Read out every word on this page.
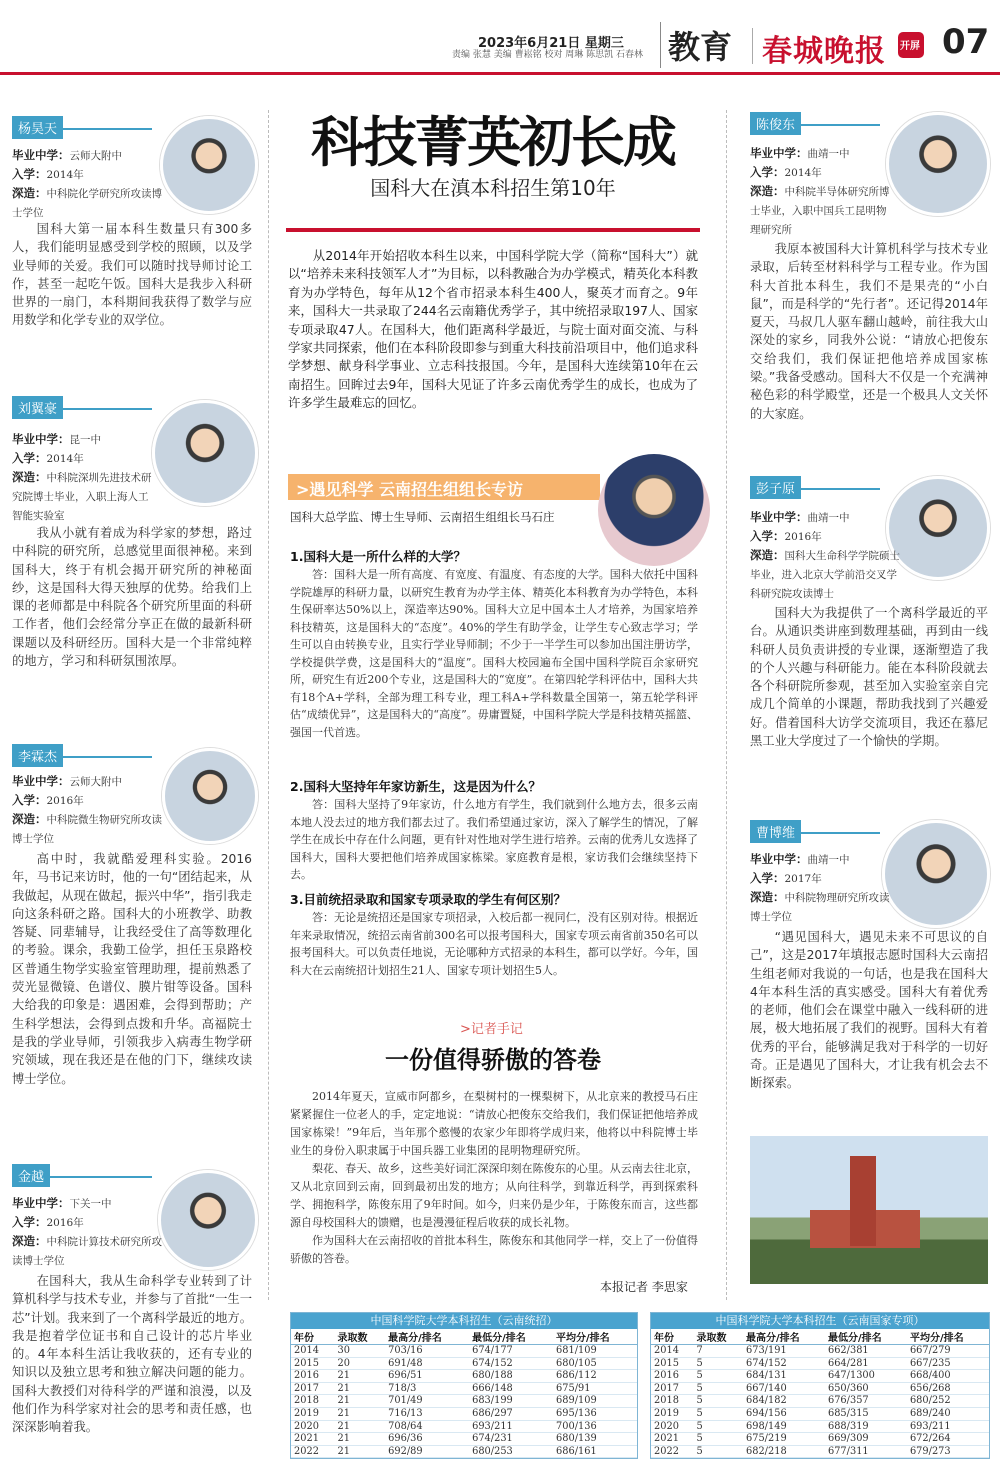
2023年6月21日 星期三
责编 张慧 美编 曹崧铭 校对 周琳 陈思凯 石春林 教育 春城晚报 开屏 07
杨昊天
毕业中学：云师大附中
入学：2014年
深造：中科院化学研究所攻读博士学位
国科大第一届本科生数量只有300多人，我们能明显感受到学校的照顾，以及学业导师的关爱。我们可以随时找导师讨论工作，甚至一起吃午饭。国科大是我步入科研世界的一扇门，本科期间我获得了数学与应用数学和化学专业的双学位。
刘翼豪
毕业中学：昆一中
入学：2014年
深造：中科院深圳先进技术研究院博士毕业，入职上海人工智能实验室
我从小就有着成为科学家的梦想，路过中科院的研究所，总感觉里面很神秘。来到国科大，终于有机会揭开研究所的神秘面纱，这是国科大得天独厚的优势。给我们上课的老师都是中科院各个研究所里面的科研工作者，他们会经常分享正在做的最新科研课题以及科研经历。国科大是一个非常纯粹的地方，学习和科研氛围浓厚。
李霖杰
毕业中学：云师大附中
入学：2016年
深造：中科院微生物研究所攻读博士学位
高中时，我就酷爱理科实验。2016年，马书记来访时，他的一句“团结起来，从我做起，从现在做起，振兴中华”，指引我走向这条科研之路。国科大的小班教学、助教答疑、同辈辅导，让我经受住了高等数理化的考验。课余，我勤工俭学，担任玉泉路校区普通生物学实验室管理助理，提前熟悉了荧光显微镜、色谱仪、膜片钳等设备。国科大给我的印象是：遇困难，会得到帮助；产生科学想法，会得到点拨和升华。高福院士是我的学业导师，引领我步入病毒生物学研究领域，现在我还是在他的门下，继续攻读博士学位。
金越
毕业中学：下关一中
入学：2016年
深造：中科院计算技术研究所攻读博士学位
在国科大，我从生命科学专业转到了计算机科学与技术专业，并参与了首批“一生一芯”计划。我来到了一个离科学最近的地方。我是抱着学位证书和自己设计的芯片毕业的。4年本科生活让我收获的，还有专业的知识以及独立思考和独立解决问题的能力。国科大教授们对待科学的严谨和浪漫，以及他们作为科学家对社会的思考和责任感，也深深影响着我。
科技菁英初长成
国科大在滇本科招生第10年
从2014年开始招收本科生以来，中国科学院大学（简称“国科大”）就以“培养未来科技领军人才”为目标，以科教融合为办学模式，精英化本科教育为办学特色，每年从12个省市招录本科生400人，聚英才而育之。9年来，国科大一共录取了244名云南籍优秀学子，其中统招录取197人、国家专项录取47人。在国科大，他们距离科学最近，与院士面对面交流、与科学家共同探索，他们在本科阶段即参与到重大科技前沿项目中，他们追求科学梦想、献身科学事业、立志科技报国。今年，是国科大连续第10年在云南招生。回眸过去9年，国科大见证了许多云南优秀学生的成长，也成为了许多学生最难忘的回忆。
>遇见科学 云南招生组组长专访
国科大总学监、博士生导师、云南招生组组长马石庄
1.国科大是一所什么样的大学？
答：国科大是一所有高度、有宽度、有温度、有态度的大学。国科大依托中国科学院雄厚的科研力量，以研究生教育为办学主体、精英化本科教育为办学特色，本科生保研率达50%以上，深造率达90%。国科大立足中国本土人才培养，为国家培养科技精英，这是国科大的“态度”。40%的学生有助学金，让学生专心致志学习；学生可以自由转换专业，且实行学业导师制；不少于一半学生可以参加出国注册访学，学校提供学费，这是国科大的“温度”。国科大校园遍布全国中国科学院百余家研究所，研究生有近200个专业，这是国科大的“宽度”。在第四轮学科评估中，国科大共有18个A+学科，全部为理工科专业，理工科A+学科数量全国第一，第五轮学科评估“成绩优异”，这是国科大的“高度”。毋庸置疑，中国科学院大学是科技精英摇篮、强国一代首选。
2.国科大坚持年年家访新生，这是因为什么？
答：国科大坚持了9年家访，什么地方有学生，我们就到什么地方去，很多云南本地人没去过的地方我们都去过了。我们希望通过家访，深入了解学生的情况，了解学生在成长中存在什么问题，更有针对性地对学生进行培养。云南的优秀儿女选择了国科大，国科大要把他们培养成国家栋梁。家庭教育是根，家访我们会继续坚持下去。
3.目前统招录取和国家专项录取的学生有何区别？
答：无论是统招还是国家专项招录，入校后都一视同仁，没有区别对待。根据近年来录取情况，统招云南省前300名可以报考国科大，国家专项云南省前350名可以报考国科大。可以负责任地说，无论哪种方式招录的本科生，都可以学好。今年，国科大在云南统招计划招生21人、国家专项计划招生5人。
>记者手记
一份值得骄傲的答卷
2014年夏天，宣威市阿都乡，在梨树村的一棵梨树下，从北京来的教授马石庄紧紧握住一位老人的手，定定地说：“请放心把俊东交给我们，我们保证把他培养成国家栋梁！”9年后，当年那个憨慢的农家少年即将学成归来，他将以中科院博士毕业生的身份入职隶属于中国兵器工业集团的昆明物理研究所。
梨花、春天、故乡，这些美好词汇深深印刻在陈俊东的心里。从云南去往北京，又从北京回到云南，回到最初出发的地方；从向往科学，到靠近科学，再到探索科学、拥抱科学，陈俊东用了9年时间。如今，归来仍是少年，于陈俊东而言，这些都源自母校国科大的馈赠，也是漫漫征程后收获的成长礼物。
作为国科大在云南招收的首批本科生，陈俊东和其他同学一样，交上了一份值得骄傲的答卷。
本报记者 李思家
陈俊东
毕业中学：曲靖一中
入学：2014年
深造：中科院半导体研究所博士毕业，入职中国兵工昆明物理研究所
我原本被国科大计算机科学与技术专业录取，后转至材料科学与工程专业。作为国科大首批本科生，我们不是果壳的“小白鼠”，而是科学的“先行者”。还记得2014年夏天，马叔几人驱车翻山越岭，前往我大山深处的家乡，同我外公说：“请放心把俊东交给我们，我们保证把他培养成国家栋梁。”我备受感动。国科大不仅是一个充满神秘色彩的科学殿堂，还是一个极具人文关怀的大家庭。
彭子原
毕业中学：曲靖一中
入学：2016年
深造：国科大生命科学学院硕士毕业，进入北京大学前沿交叉学科研究院攻读博士
国科大为我提供了一个离科学最近的平台。从通识类讲座到数理基础，再到由一线科研人员负责讲授的专业课，逐渐塑造了我的个人兴趣与科研能力。能在本科阶段就去各个科研院所参观，甚至加入实验室亲自完成几个简单的小课题，帮助我找到了兴趣爱好。借着国科大访学交流项目，我还在慕尼黑工业大学度过了一个愉快的学期。
曹博维
毕业中学：曲靖一中
入学：2017年
深造：中科院物理研究所攻读博士学位
“遇见国科大，遇见未来不可思议的自己”，这是2017年填报志愿时国科大云南招生组老师对我说的一句话，也是我在国科大4年本科生活的真实感受。国科大有着优秀的老师，他们会在课堂中融入一线科研的进展，极大地拓展了我们的视野。国科大有着优秀的平台，能够满足我对于科学的一切好奇。正是遇见了国科大，才让我有机会去不断探索。
中国科学院大学本科招生（云南统招）
年份	录取数	最高分/排名	最低分/排名	平均分/排名
2014	30	703/16	674/177	681/109
2015	20	691/48	674/152	680/105
2016	21	696/51	680/188	686/112
2017	21	718/3	666/148	675/91
2018	21	701/49	683/199	689/109
2019	21	716/13	686/297	695/136
2020	21	708/64	693/211	700/136
2021	21	696/36	674/231	680/139
2022	21	692/89	680/253	686/161
中国科学院大学本科招生（云南国家专项）
年份	录取数	最高分/排名	最低分/排名	平均分/排名
2014	7	673/191	662/381	667/279
2015	5	674/152	664/281	667/235
2016	5	684/131	647/1300	668/400
2017	5	667/140	650/360	656/268
2018	5	684/182	676/357	680/252
2019	5	694/156	685/315	689/240
2020	5	698/149	688/319	693/211
2021	5	675/219	669/309	672/264
2022	5	682/218	677/311	679/273
